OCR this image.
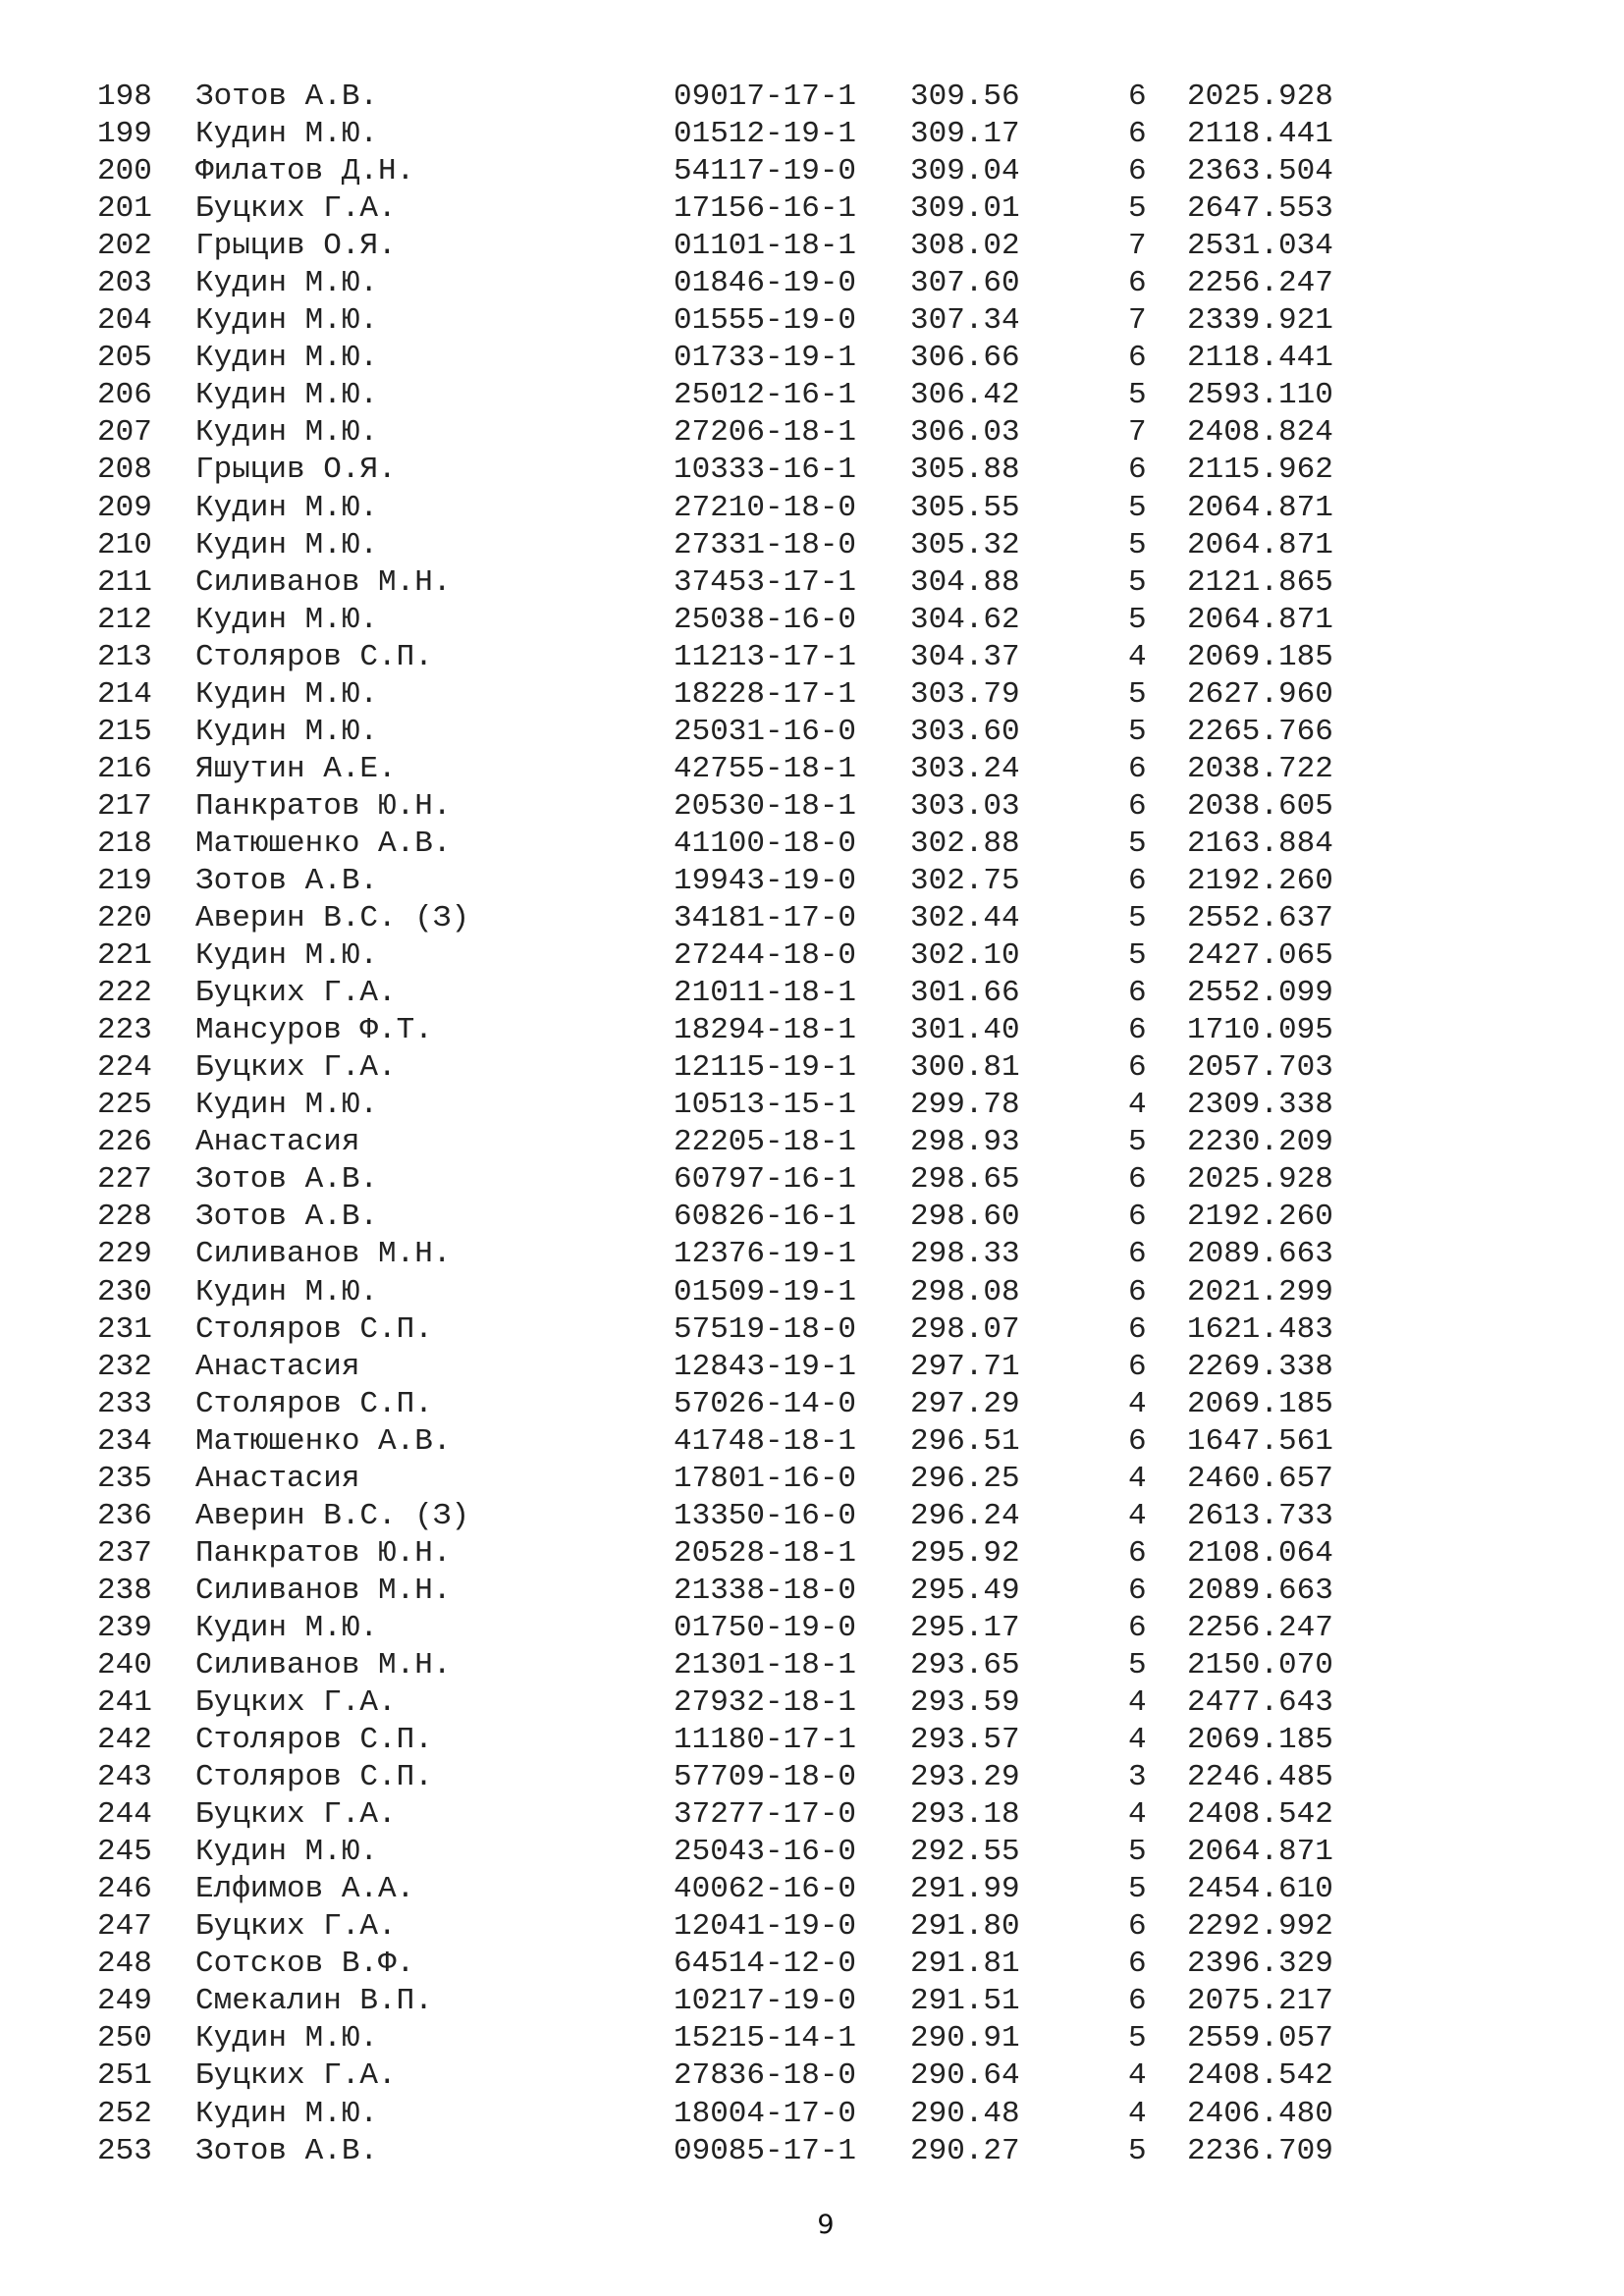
198 Зотов А.В.	09017-17-1 309.56	6 2025.928
199 Кудин М.Ю.	01512-19-1 309.17	6 2118.441
200 Филатов Д.Н.	54117-19-0 309.04	6 2363.504
201 Буцких Г.А.	17156-16-1 309.01	5 2647.553
202 Грыцив О.Я.	01101-18-1 308.02	7 2531.034
203 Кудин М.Ю.	01846-19-0 307.60	6 2256.247
204 Кудин М.Ю.	01555-19-0 307.34	7 2339.921
205 Кудин М.Ю.	01733-19-1 306.66	6 2118.441
206 Кудин М.Ю.	25012-16-1 306.42	5 2593.110
207 Кудин М.Ю.	27206-18-1 306.03	7 2408.824
208 Грыцив О.Я.	10333-16-1 305.88	6 2115.962
209 Кудин М.Ю.	27210-18-0 305.55	5 2064.871
210 Кудин М.Ю.	27331-18-0 305.32	5 2064.871
211 Силиванов М.Н.	37453-17-1 304.88	5 2121.865
212 Кудин М.Ю.	25038-16-0 304.62	5 2064.871
213 Столяров С.П.	11213-17-1 304.37	4 2069.185
214 Кудин М.Ю.	18228-17-1 303.79	5 2627.960
215 Кудин М.Ю.	25031-16-0 303.60	5 2265.766
216 Яшутин А.Е.	42755-18-1 303.24	6 2038.722
217 Панкратов Ю.Н.	20530-18-1 303.03	6 2038.605
218 Матюшенко А.В.	41100-18-0 302.88	5 2163.884
219 Зотов А.В.	19943-19-0 302.75	6 2192.260
220 Аверин В.С. (З)	34181-17-0 302.44	5 2552.637
221 Кудин М.Ю.	27244-18-0 302.10	5 2427.065
222 Буцких Г.А.	21011-18-1 301.66	6 2552.099
223 Мансуров Ф.Т.	18294-18-1 301.40	6 1710.095
224 Буцких Г.А.	12115-19-1 300.81	6 2057.703
225 Кудин М.Ю.	10513-15-1 299.78	4 2309.338
226 Анастасия	22205-18-1 298.93	5 2230.209
227 Зотов А.В.	60797-16-1 298.65	6 2025.928
228 Зотов А.В.	60826-16-1 298.60	6 2192.260
229 Силиванов М.Н.	12376-19-1 298.33	6 2089.663
230 Кудин М.Ю.	01509-19-1 298.08	6 2021.299
231 Столяров С.П.	57519-18-0 298.07	6 1621.483
232 Анастасия	12843-19-1 297.71	6 2269.338
233 Столяров С.П.	57026-14-0 297.29	4 2069.185
234 Матюшенко А.В.	41748-18-1 296.51	6 1647.561
235 Анастасия	17801-16-0 296.25	4 2460.657
236 Аверин В.С. (З)	13350-16-0 296.24	4 2613.733
237 Панкратов Ю.Н.	20528-18-1 295.92	6 2108.064
238 Силиванов М.Н.	21338-18-0 295.49	6 2089.663
239 Кудин М.Ю.	01750-19-0 295.17	6 2256.247
240 Силиванов М.Н.	21301-18-1 293.65	5 2150.070
241 Буцких Г.А.	27932-18-1 293.59	4 2477.643
242 Столяров С.П.	11180-17-1 293.57	4 2069.185
243 Столяров С.П.	57709-18-0 293.29	3 2246.485
244 Буцких Г.А.	37277-17-0 293.18	4 2408.542
245 Кудин М.Ю.	25043-16-0 292.55	5 2064.871
246 Елфимов А.А.	40062-16-0 291.99	5 2454.610
247 Буцких Г.А.	12041-19-0 291.80	6 2292.992
248 Сотсков В.Ф.	64514-12-0 291.81	6 2396.329
249 Смекалин В.П.	10217-19-0 291.51	6 2075.217
250 Кудин М.Ю.	15215-14-1 290.91	5 2559.057
251 Буцких Г.А.	27836-18-0 290.64	4 2408.542
252 Кудин М.Ю.	18004-17-0 290.48	4 2406.480
253 Зотов А.В.	09085-17-1 290.27	5 2236.709
9
